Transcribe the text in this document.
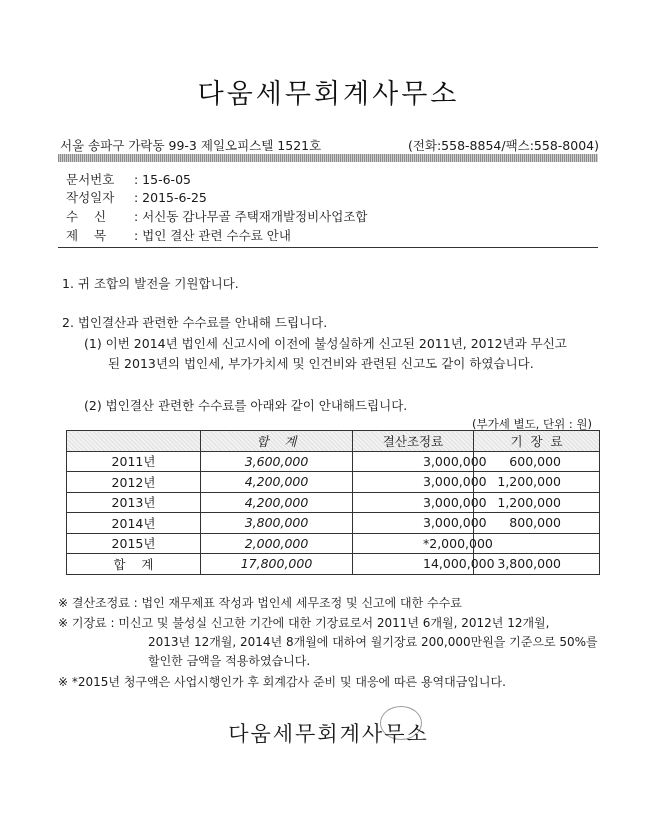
다움세무회계사무소
서울 송파구 가락동 99-3 제일오피스텔 1521호	(전화:558-8854/팩스:558-8004)
문서번호 : 15-6-05
작성일자 : 2015-6-25
수    신 : 서신동 감나무골 주택재개발정비사업조합
제    목 : 법인 결산 관련 수수료 안내
1. 귀 조합의 발전을 기원합니다.
2. 법인결산과 관련한 수수료를 안내해 드립니다.
(1) 이번 2014년 법인세 신고시에 이전에 불성실하게 신고된 2011년, 2012년과 무신고
된 2013년의 법인세, 부가가치세 및 인건비와 관련된 신고도 같이 하였습니다.
(2) 법인결산 관련한 수수료를 아래와 같이 안내해드립니다.
(부가세 별도, 단위 : 원)
	합    계	결산조정료	기  장  료
2011년	3,600,000	3,000,000	600,000
2012년	4,200,000	3,000,000	1,200,000
2013년	4,200,000	3,000,000	1,200,000
2014년	3,800,000	3,000,000	800,000
2015년	2,000,000	*2,000,000	
합    계	17,800,000	14,000,000	3,800,000
※ 결산조정료 : 법인 재무제표 작성과 법인세 세무조정 및 신고에 대한 수수료
※ 기장료 : 미신고 및 불성실 신고한 기간에 대한 기장료로서 2011년 6개월, 2012년 12개월,
2013년 12개월, 2014년 8개월에 대하여 월기장료 200,000만원을 기준으로 50%를
할인한 금액을 적용하였습니다.
※ *2015년 청구액은 사업시행인가 후 회계감사 준비 및 대응에 따른 용역대금입니다.
다움세무회계사무소
